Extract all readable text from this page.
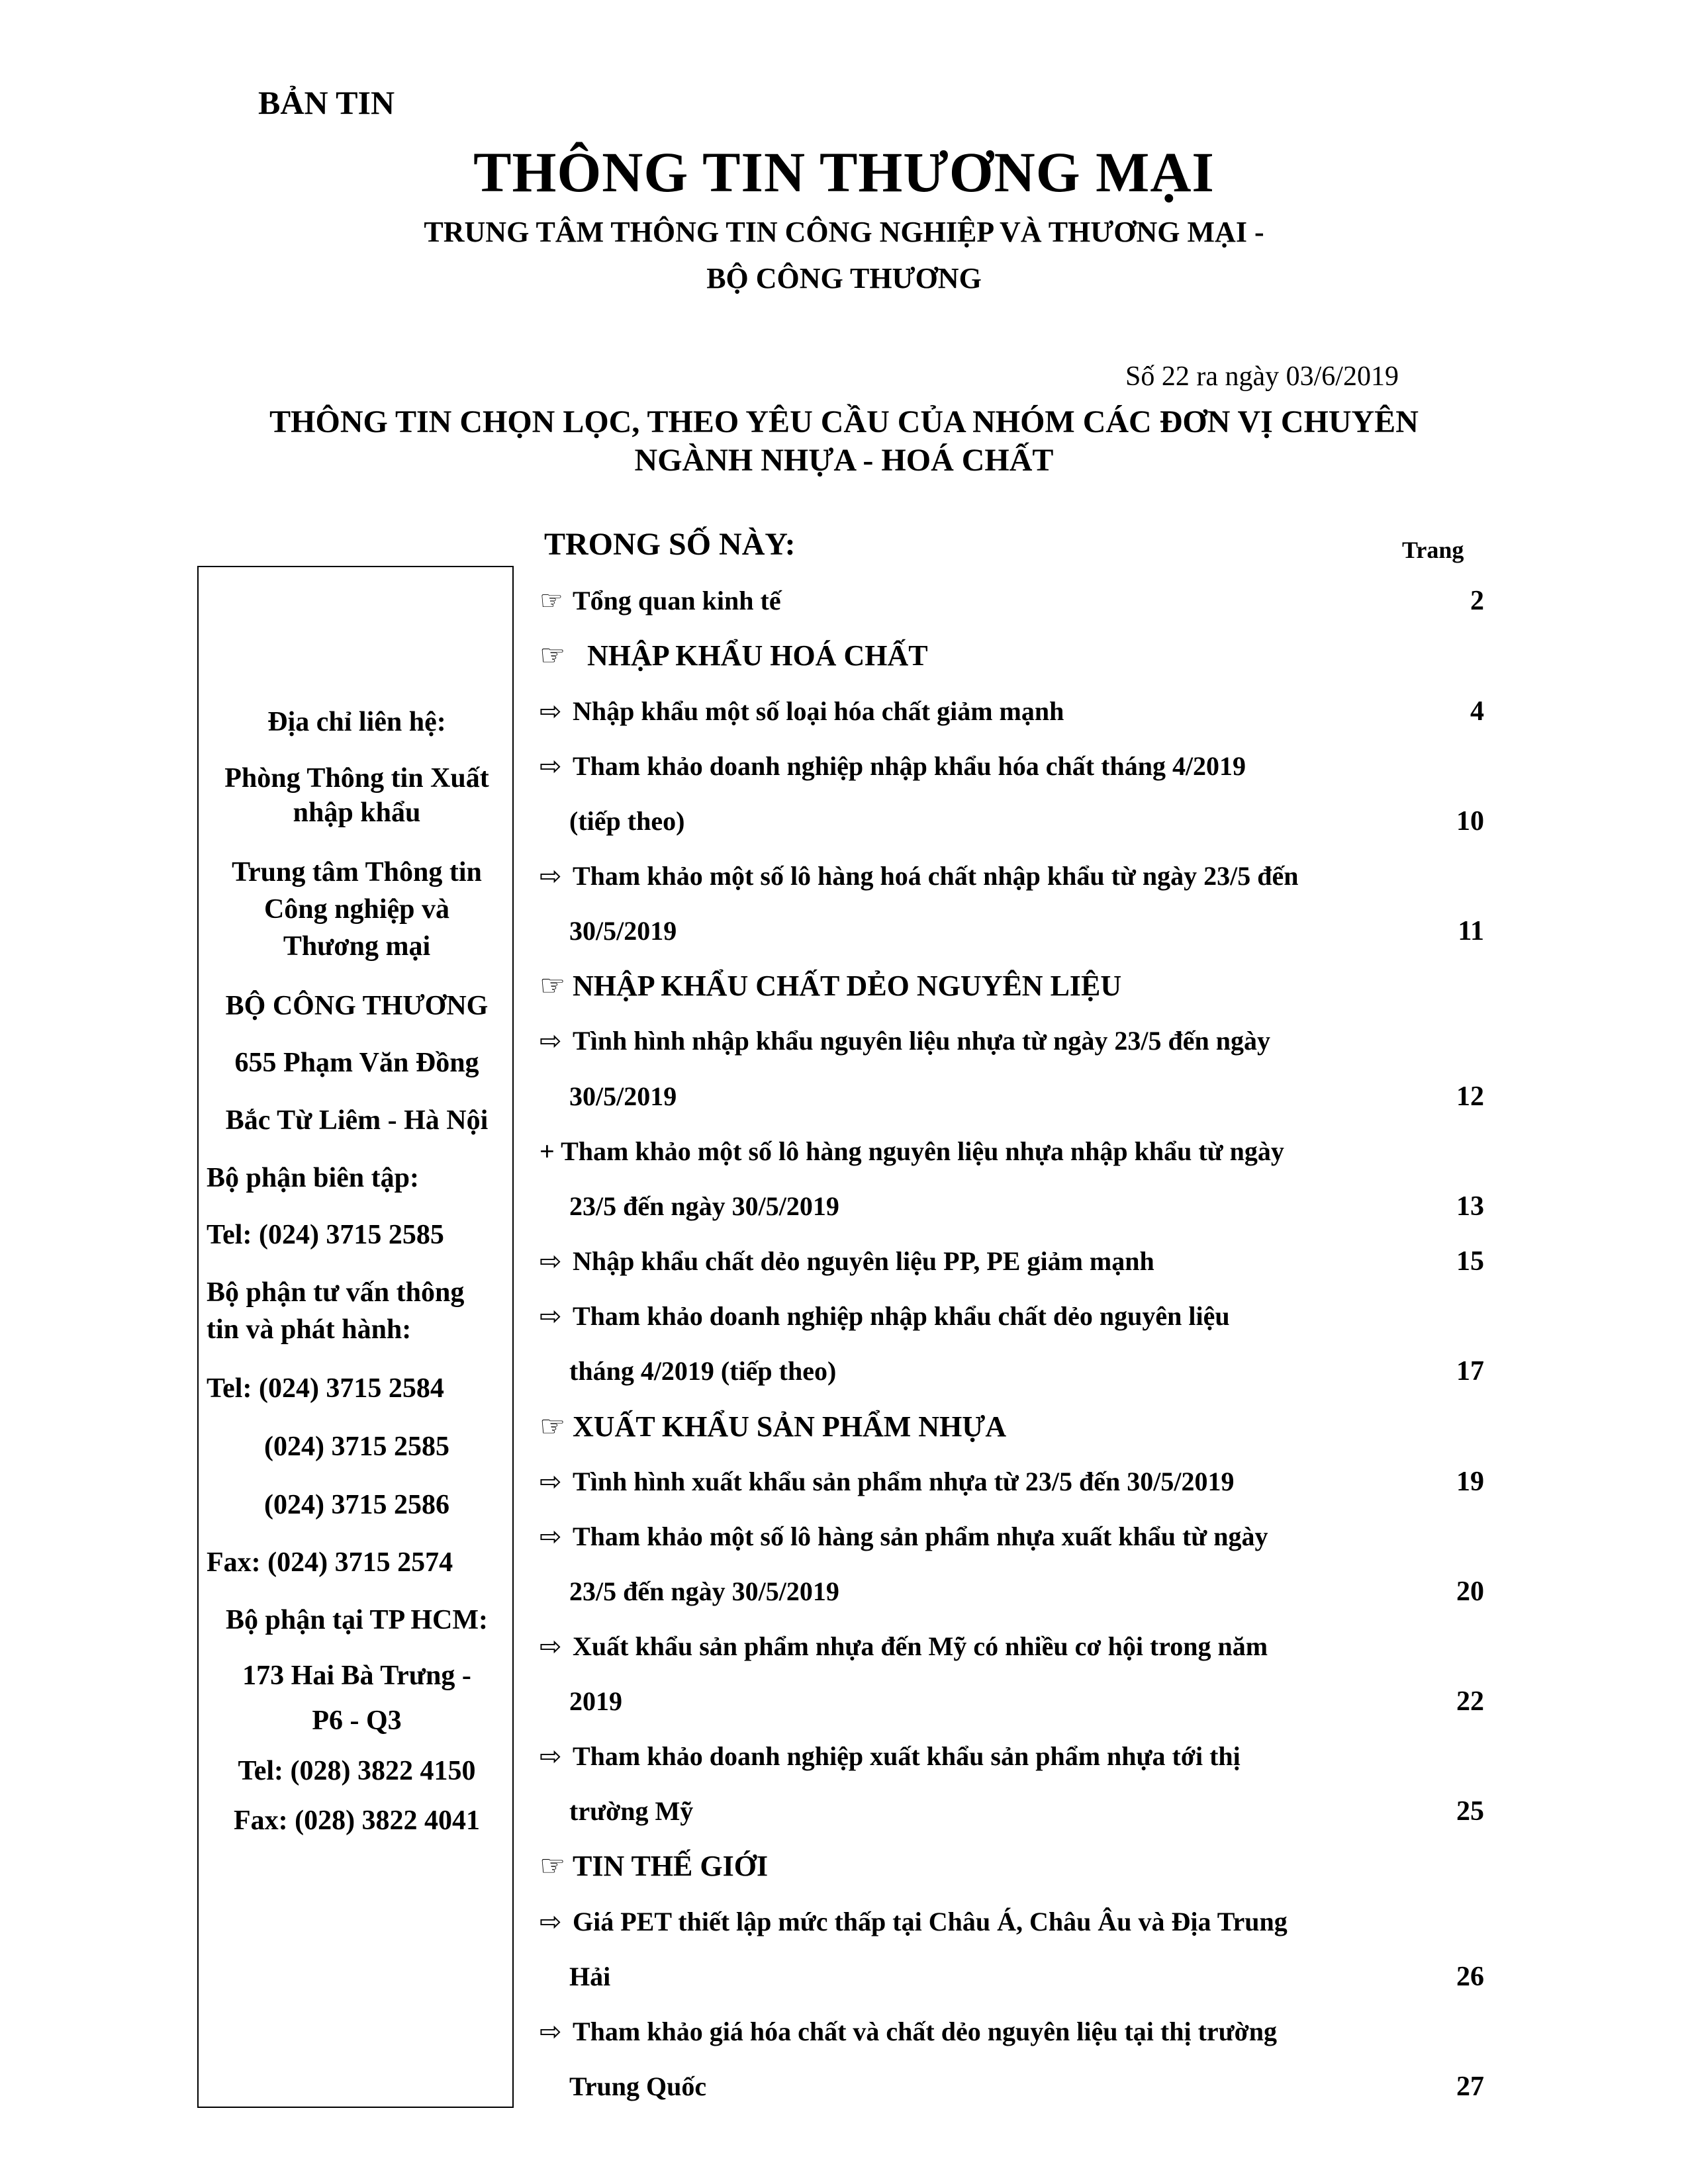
BẢN TIN
THÔNG TIN THƯƠNG MẠI
TRUNG TÂM THÔNG TIN CÔNG NGHIỆP VÀ THƯƠNG MẠI -
BỘ CÔNG THƯƠNG
Số 22 ra ngày 03/6/2019
THÔNG TIN CHỌN LỌC, THEO YÊU CẦU CỦA NHÓM CÁC ĐƠN VỊ CHUYÊN
NGÀNH NHỰA - HOÁ CHẤT
Địa chỉ liên hệ:
Phòng Thông tin Xuất
nhập khẩu
Trung tâm Thông tin
Công nghiệp và
Thương mại
BỘ CÔNG THƯƠNG
655 Phạm Văn Đồng
Bắc Từ Liêm - Hà Nội
Bộ phận biên tập:
Tel: (024) 3715 2585
Bộ phận tư vấn thông
tin và phát hành:
Tel: (024) 3715 2584
(024) 3715 2585
(024) 3715 2586
Fax: (024) 3715 2574
Bộ phận tại TP HCM:
173 Hai Bà Trưng -
P6 - Q3
Tel: (028) 3822 4150
Fax: (028) 3822 4041
TRONG SỐ NÀY:	Trang
☞ Tổng quan kinh tế	2
☞ NHẬP KHẨU HOÁ CHẤT
⇨ Nhập khẩu một số loại hóa chất giảm mạnh	4
⇨ Tham khảo doanh nghiệp nhập khẩu hóa chất tháng 4/2019
(tiếp theo)	10
⇨ Tham khảo một số lô hàng hoá chất nhập khẩu từ ngày 23/5 đến
30/5/2019	11
☞ NHẬP KHẨU CHẤT DẺO NGUYÊN LIỆU
⇨ Tình hình nhập khẩu nguyên liệu nhựa từ ngày 23/5 đến ngày
30/5/2019	12
+ Tham khảo một số lô hàng nguyên liệu nhựa nhập khẩu từ ngày
23/5 đến ngày 30/5/2019	13
⇨ Nhập khẩu chất dẻo nguyên liệu PP, PE giảm mạnh	15
⇨ Tham khảo doanh nghiệp nhập khẩu chất dẻo nguyên liệu
tháng 4/2019 (tiếp theo)	17
☞ XUẤT KHẨU SẢN PHẨM NHỰA
⇨ Tình hình xuất khẩu sản phẩm nhựa từ 23/5 đến 30/5/2019	19
⇨ Tham khảo một số lô hàng sản phẩm nhựa xuất khẩu từ ngày
23/5 đến ngày 30/5/2019	20
⇨ Xuất khẩu sản phẩm nhựa đến Mỹ có nhiều cơ hội trong năm
2019	22
⇨ Tham khảo doanh nghiệp xuất khẩu sản phẩm nhựa tới thị
trường Mỹ	25
☞ TIN THẾ GIỚI
⇨ Giá PET thiết lập mức thấp tại Châu Á, Châu Âu và Địa Trung
Hải	26
⇨ Tham khảo giá hóa chất và chất dẻo nguyên liệu tại thị trường
Trung Quốc	27
